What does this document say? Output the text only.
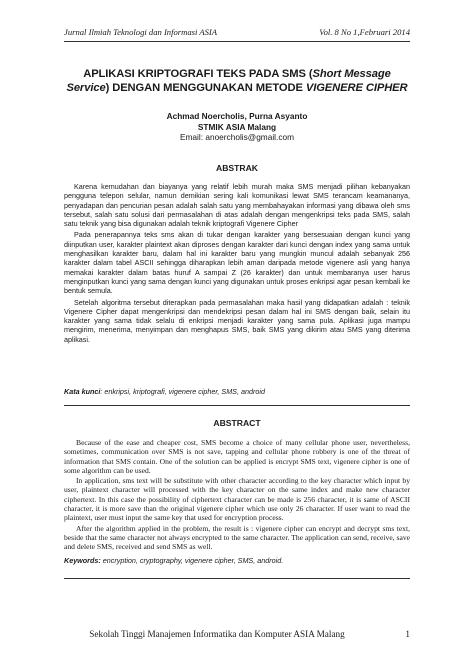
Jurnal Ilmiah Teknologi dan Informasi ASIA	Vol. 8 No 1,Februari 2014
APLIKASI KRIPTOGRAFI TEKS PADA SMS (Short Message
Service) DENGAN MENGGUNAKAN METODE VIGENERE CIPHER
Achmad Noercholis, Purna Asyanto
STMIK ASIA Malang
Email: anoercholis@gmail.com
ABSTRAK

Karena kemudahan dan biayanya yang relatif lebih murah maka SMS menjadi pilihan kebanyakan pengguna telepon selular, namun demikian sering kali komunikasi lewat SMS terancam keamananya, penyadapan dan pencurian pesan adalah salah satu yang membahayakan informasi yang dibawa oleh sms tersebut, salah satu solusi dari permasalahan di atas adalah dengan mengenkripsi teks pada SMS, salah satu teknik yang bisa digunakan adalah teknik kriptografi Vigenere Cipher

Pada penerapannya teks sms akan di tukar dengan karakter yang bersesuaian dengan kunci yang diinputkan user, karakter plaintext akan diproses dengan karakter dari kunci dengan index yang sama untuk menghasilkan karakter baru, dalam hal ini karakter baru yang mungkin muncul adalah sebanyak 256 karakter dalam tabel ASCII sehingga diharapkan lebih aman daripada metode vigenere asli yang hanya memakai karakter dalam batas huruf A sampai Z (26 karakter) dan untuk membaranya user harus menginputkan kunci yang sama dengan kunci yang digunakan untuk proses enkripsi agar pesan kembali ke bentuk semula.

Setelah algoritma tersebut diterapkan pada permasalahan maka hasil yang didapatkan adalah : teknik Vigenere Cipher dapat mengenkripsi dan mendekripsi pesan dalam hal ini SMS dengan baik, selain itu karakter yang sama tidak selalu di enkripsi menjadi karakter yang sama pula. Aplikasi juga mampu mengirim, menerima, menyimpan dan menghapus SMS, baik SMS yang dikirim atau SMS yang diterima aplikasi.

Kata kunci: enkripsi, kriptografi, vigenere cipher, SMS, android
ABSTRACT

Because of the ease and cheaper cost, SMS become a choice of many cellular phone user, nevertheless, sometimes, communication over SMS is not save, tapping and cellular phone robbery is one of the threat of information that SMS contain. One of the solution can be applied is encrypt SMS text, vigenere cipher is one of some algorithm can be used.

In application, sms text will be substitute with other character according to the key character which input by user, plaintext character will processed with the key character on the same index and make new character ciphertext. In this case the possibility of ciphertext character can be made is 256 character, it is same of ASCII character, it is more save than the original vigenere cipher which use only 26 character. If user want to read the plaintext, user must input the same key that used for encryption process.

After the algorithm applied in the problem, the result is : vigenere cipher can encrypt and decrypt sms text, beside that the same character not always encrypted to the same character. The application can send, receive, save and delete SMS, received and send SMS as well.

Keywords: encryption, cryptography, vigenere cipher, SMS, android.
Sekolah Tinggi Manajemen Informatika dan Komputer ASIA Malang	1
